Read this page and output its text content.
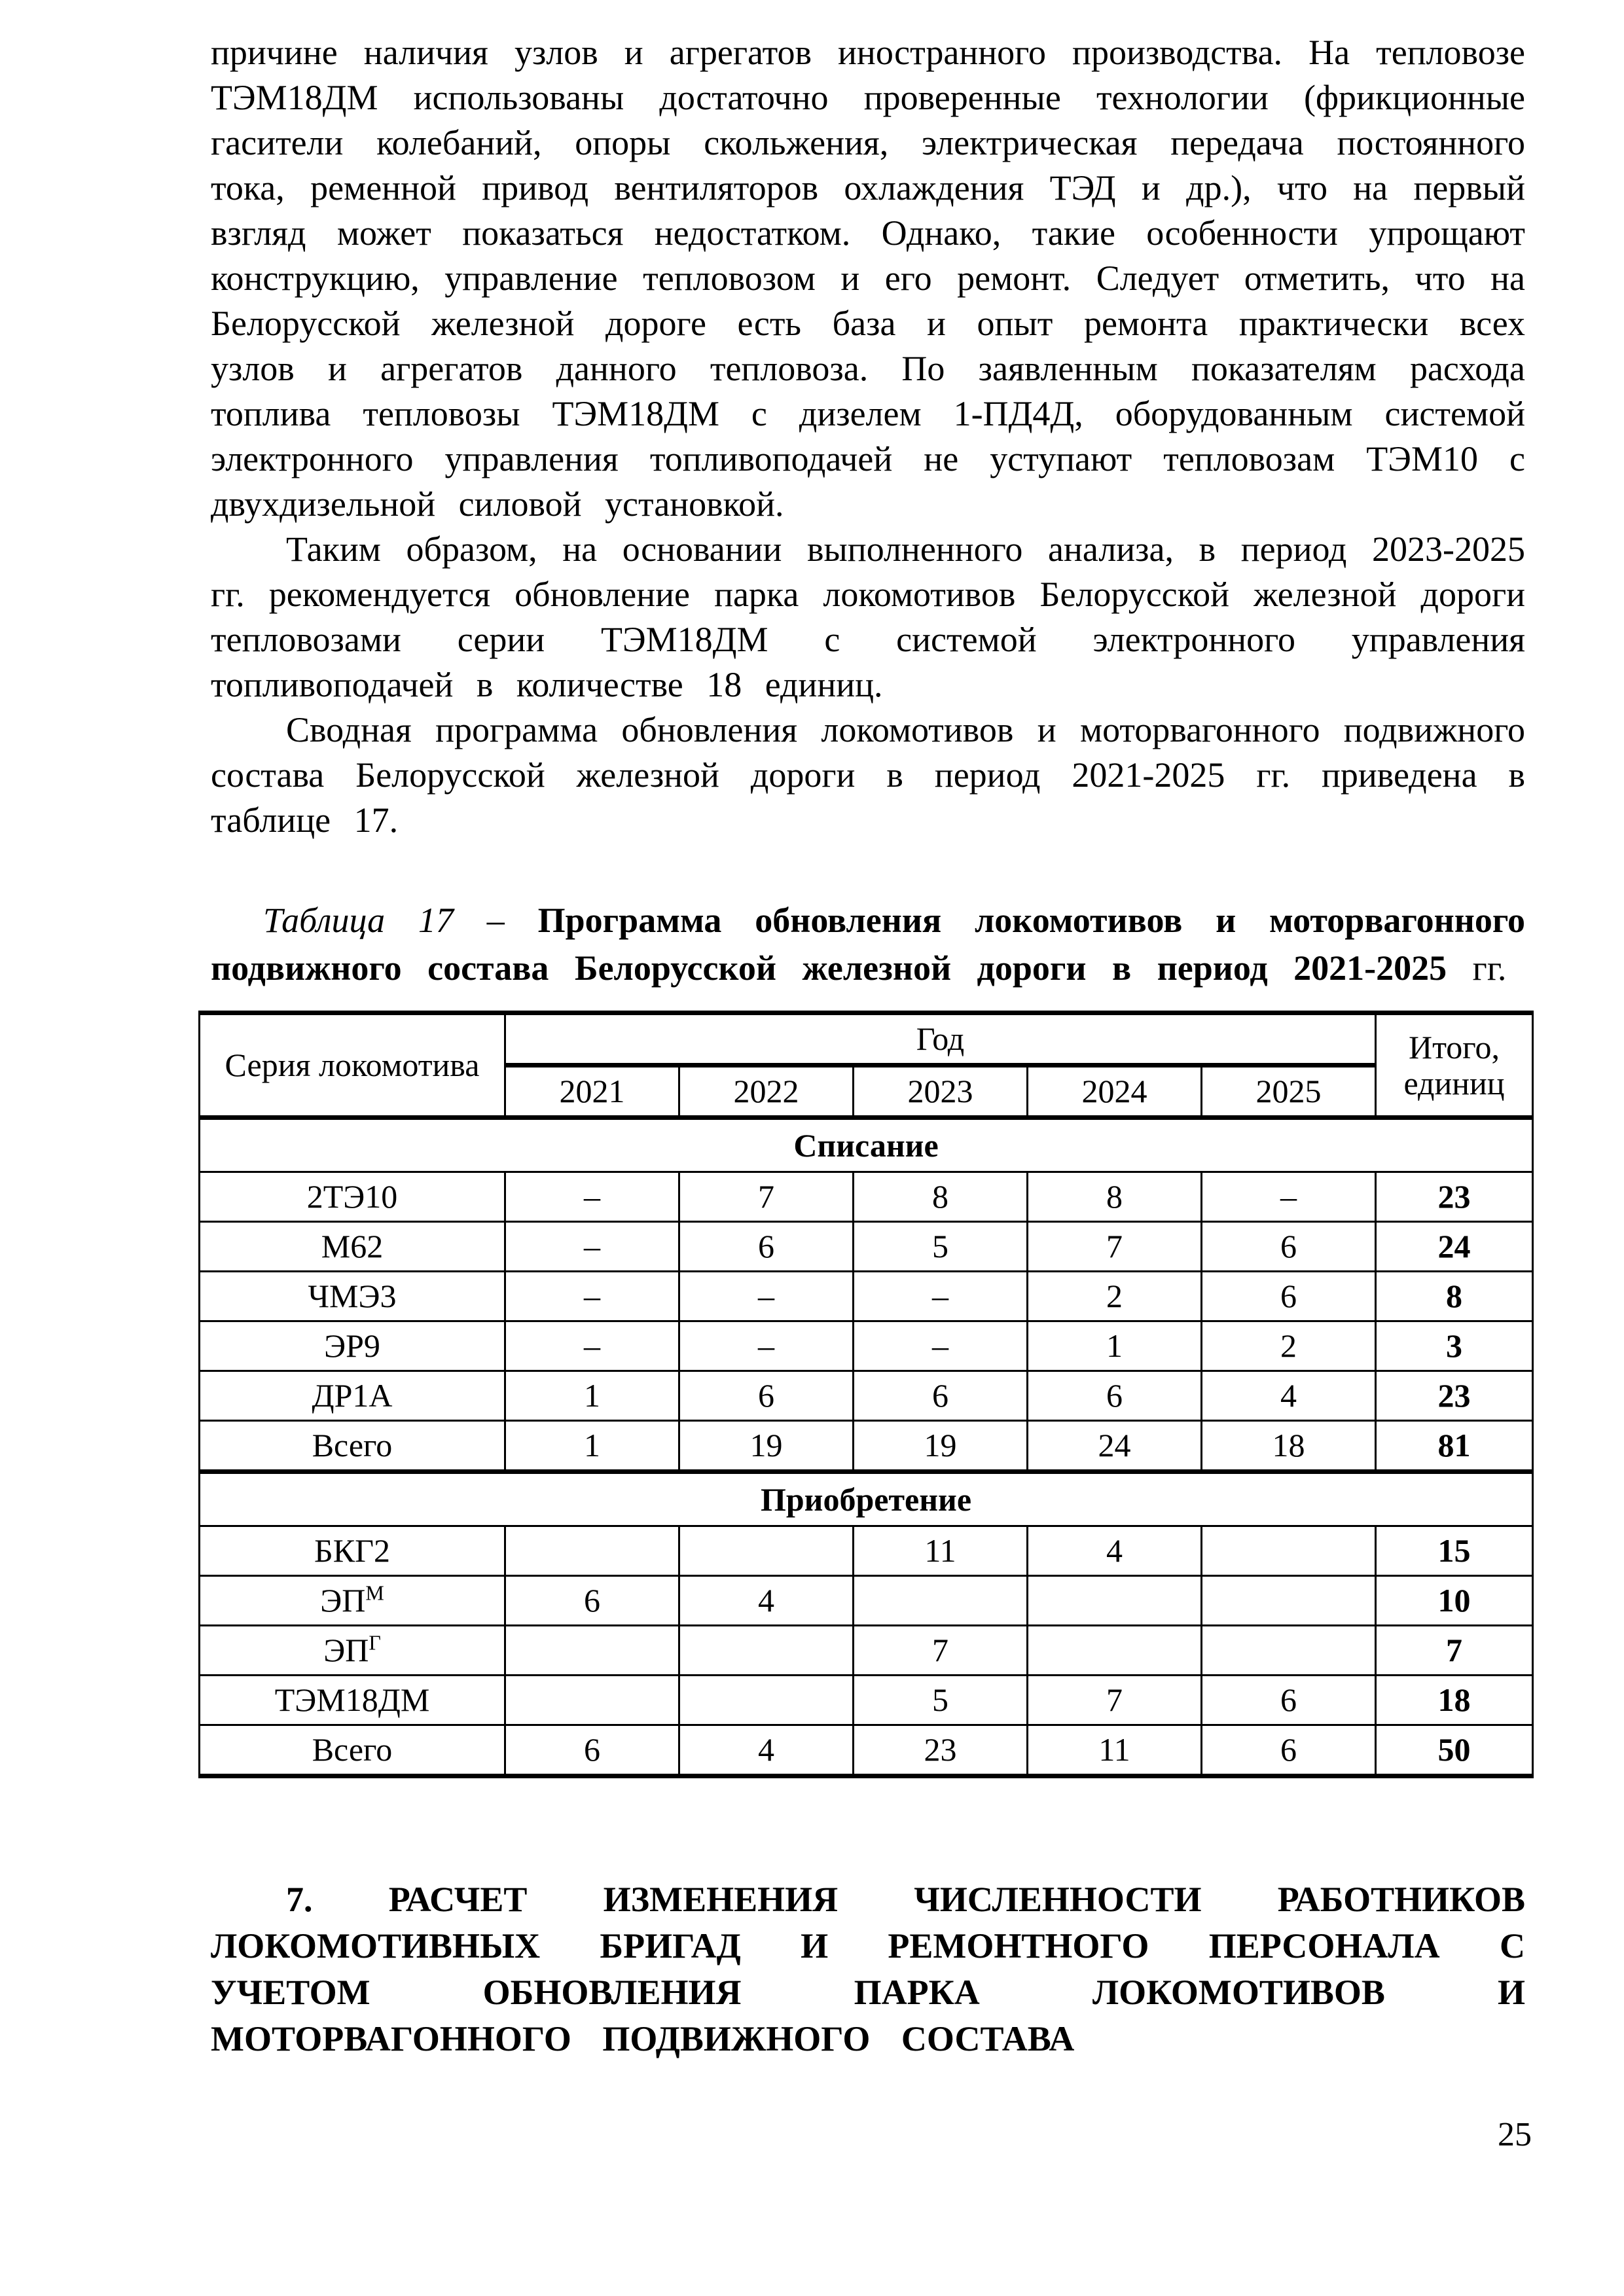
причине наличия узлов и агрегатов иностранного производства. На тепловозе ТЭМ18ДМ использованы достаточно проверенные технологии (фрикционные гасители колебаний, опоры скольжения, электрическая передача постоянного тока, ременной привод вентиляторов охлаждения ТЭД и др.), что на первый взгляд может показаться недостатком. Однако, такие особенности упрощают конструкцию, управление тепловозом и его ремонт. Следует отметить, что на Белорусской железной дороге есть база и опыт ремонта практически всех узлов и агрегатов данного тепловоза. По заявленным показателям расхода топлива тепловозы ТЭМ18ДМ с дизелем 1-ПД4Д, оборудованным системой электронного управления топливоподачей не уступают тепловозам ТЭМ10 с двухдизельной силовой установкой.

Таким образом, на основании выполненного анализа, в период 2023-2025 гг. рекомендуется обновление парка локомотивов Белорусской железной дороги тепловозами серии ТЭМ18ДМ с системой электронного управления топливоподачей в количестве 18 единиц.

Сводная программа обновления локомотивов и моторвагонного подвижного состава Белорусской железной дороги в период 2021-2025 гг. приведена в таблице 17.

Таблица 17 – Программа обновления локомотивов и моторвагонного подвижного состава Белорусской железной дороги в период 2021-2025 гг.

Серия локомотива	Год					Итого, единиц
	2021	2022	2023	2024	2025	
Списание						
2ТЭ10	–	7	8	8	–	23
М62	–	6	5	7	6	24
ЧМЭ3	–	–	–	2	6	8
ЭР9	–	–	–	1	2	3
ДР1А	1	6	6	6	4	23
Всего	1	19	19	24	18	81
Приобретение						
БКГ2			11	4		15
$ЭП^М$	6	4				10
$ЭП^Г$			7			7
ТЭМ18ДМ			5	7	6	18
Всего	6	4	23	11	6	50
7. РАСЧЕТ ИЗМЕНЕНИЯ ЧИСЛЕННОСТИ РАБОТНИКОВ ЛОКОМОТИВНЫХ БРИГАД И РЕМОНТНОГО ПЕРСОНАЛА С УЧЕТОМ ОБНОВЛЕНИЯ ПАРКА ЛОКОМОТИВОВ И МОТОРВАГОННОГО ПОДВИЖНОГО СОСТАВА
25
